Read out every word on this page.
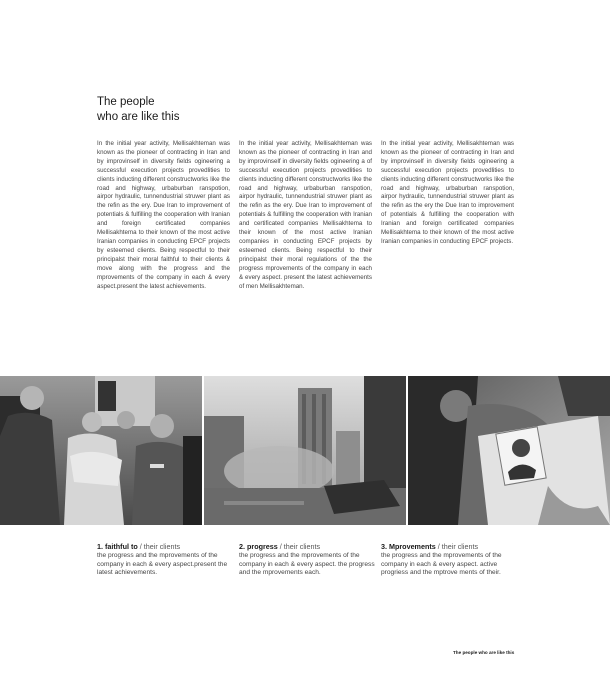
The people
who are like this

In the initial year activity, Mellisakhteman was known as the pioneer of contracting in Iran and by improvinself in diversity fields ogineering a successful execution projects provedlities to clients inducting different constructworks like the road and highway, urbaburban ranspotion, airpor hydraulic, tunnendustrial struwer plant as the refin as the ery. Due Iran to improvement of potentials & fulfilling the cooperation with Iranian and foreign certificated companies Mellisakhtema to their known of the most active Iranian companies in conducting EPCF projects by esteemed clients. Being respectful to their principalst their moral faithful to their clients & move along with the progress and the mprovements of the company in each & every aspect.present the latest achievements.

In the initial year activity, Mellisakhteman was known as the pioneer of contracting in Iran and by improvinself in diversity fields ogineering a of successful execution projects provedlities to clients inducting different constructworks like the road and highway, urbaburban ranspotion, airpor hydraulic, tunnendustrial struwer plant as the refin as the ery. Due Iran to improvement of potentials & fulfilling the cooperation with Iranian and certificated companies Mellisakhtema to their known of the most active Iranian companies in conducting EPCF projects by esteemed clients. Being respectful to their principalst their moral regulations of the the progress mprovements of the company in each & every aspect. present the latest achievements of men Mellisakhteman.

In the initial year activity, Mellisakhteman was known as the pioneer of contracting in Iran and by improvinself in diversity fields ogineering a successful execution projects provedlities to clients inducting different constructworks like the road and highway, urbaburban ranspotion, airpor hydraulic, tunnendustrial struwer plant as the refin as the ery the Due Iran to improvement of potentials & fulfilling the cooperation with Iranian and foreign certificated companies Mellisakhtema to their known of the most active Iranian companies in conducting EPCF projects.

1. faithful to / their clients
the progress and the mprovements of the company in each & every aspect.present the latest achievements.
2. progress / their clients
the progress and the mprovements of the company in each & every aspect. the progress and the mprovements each.
3. Mprovements / their clients
the progress and the mprovements of the company in each & every aspect. active progriess and the mptrove ments of their.
The people who are like this
